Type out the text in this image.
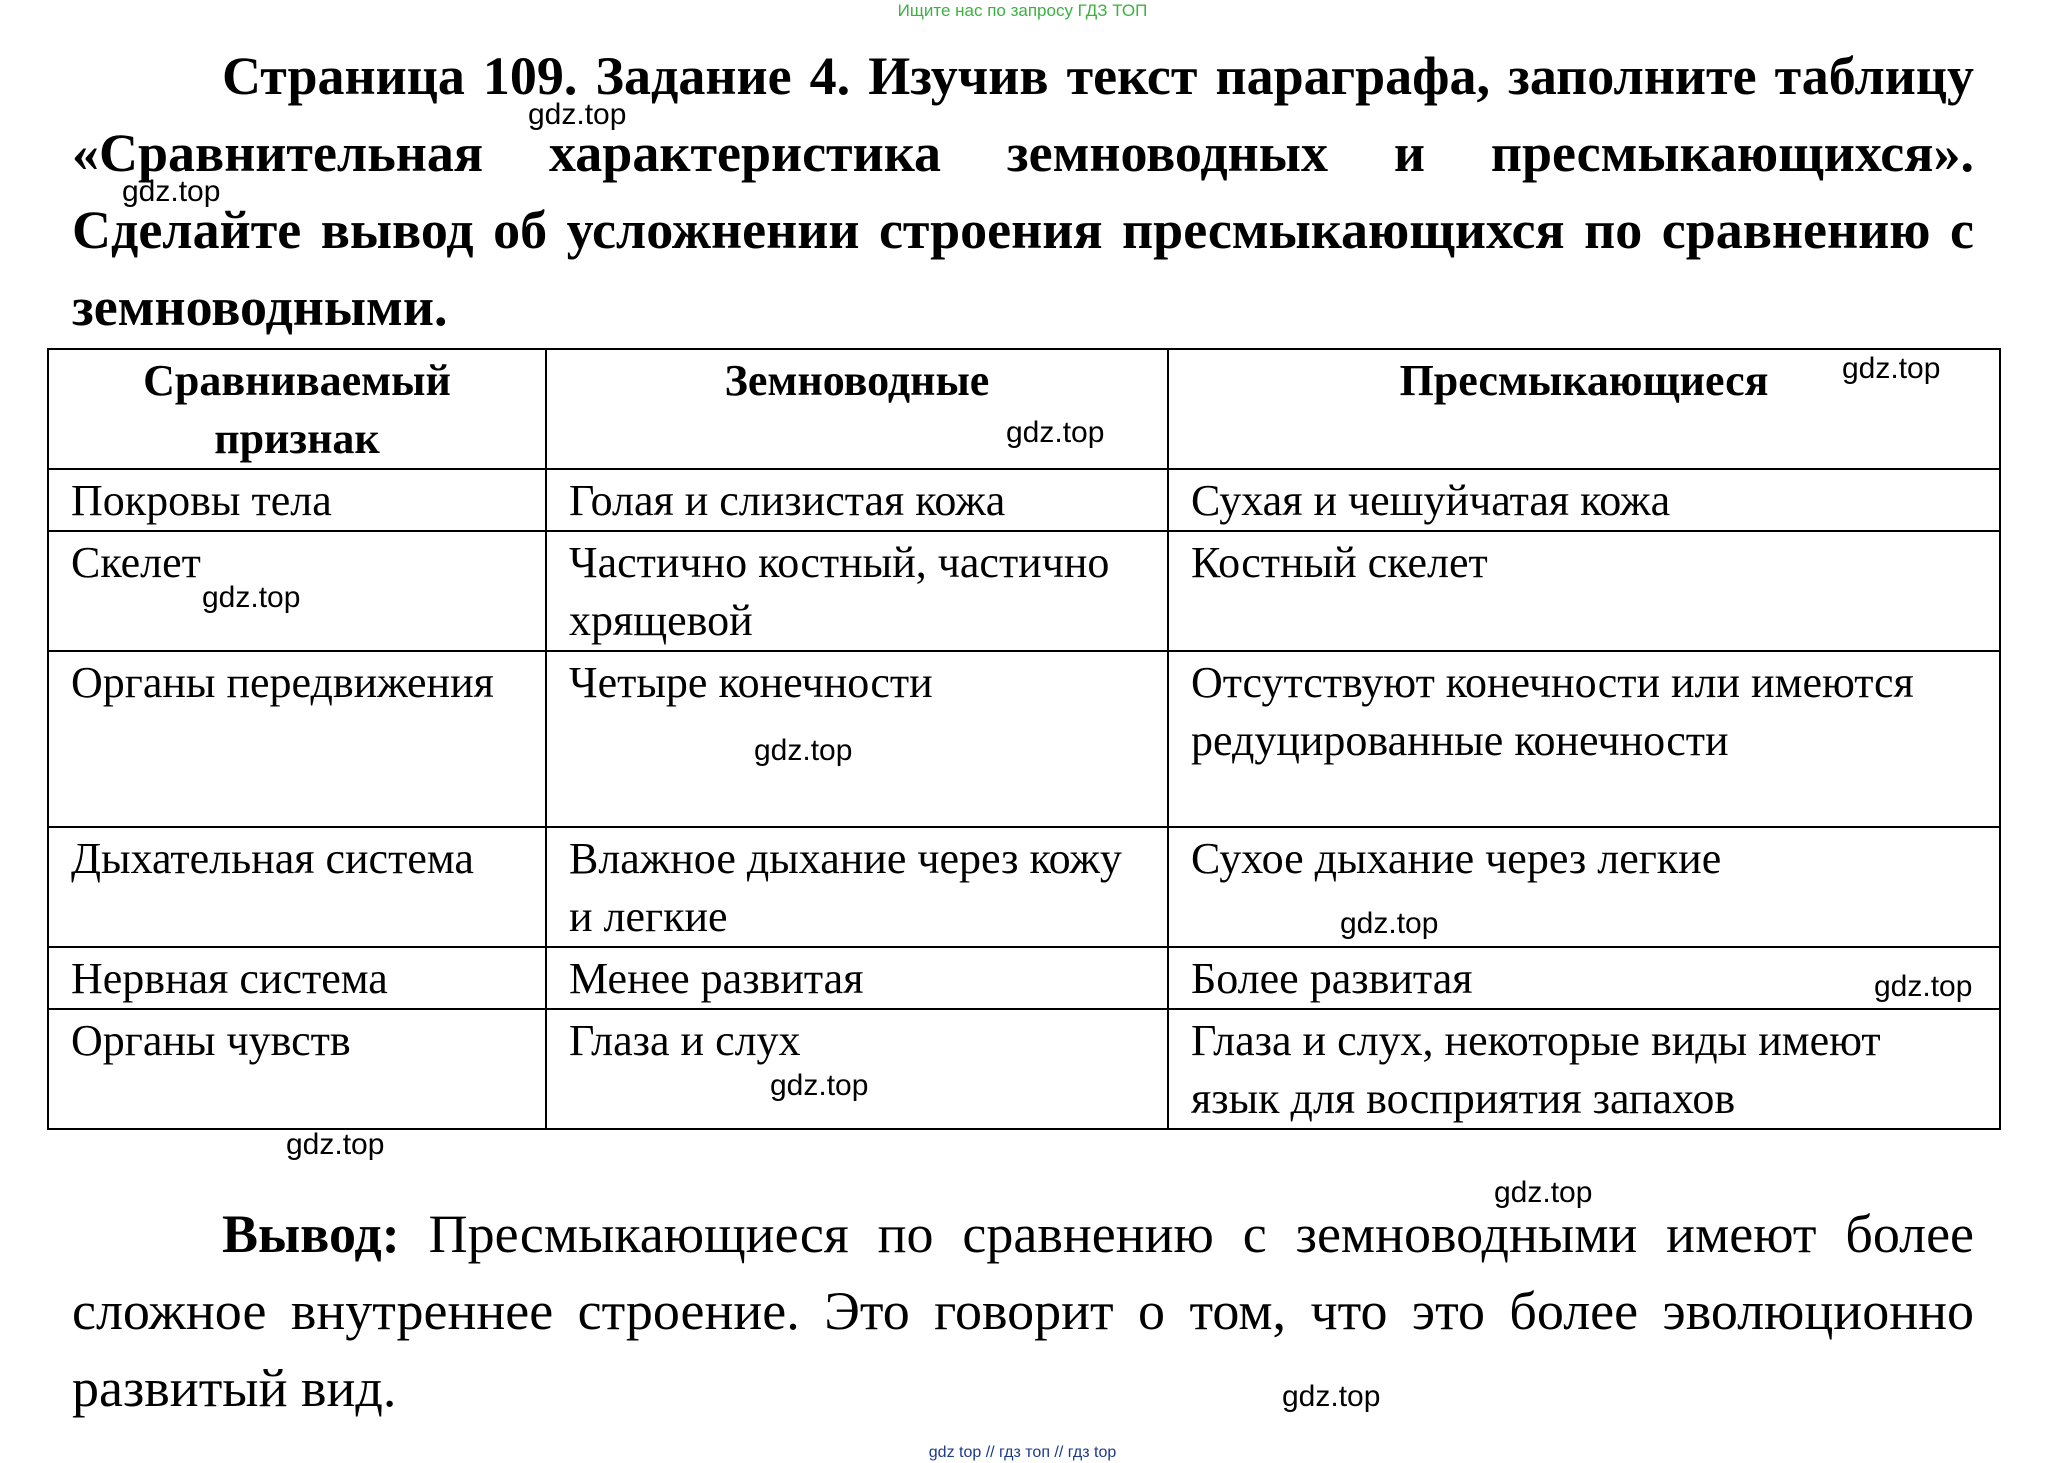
Ищите нас по запросу ГДЗ ТОП
Страница 109. Задание 4. Изучив текст параграфа, заполните таблицу «Сравнительная характеристика земноводных и пресмыкающихся». Сделайте вывод об усложнении строения пресмыкающихся по сравнению с земноводными.
Сравниваемый признак	Земноводные	Пресмыкающиеся
Покровы тела	Голая и слизистая кожа	Сухая и чешуйчатая кожа
Скелет	Частично костный, частично хрящевой	Костный скелет
Органы передвижения	Четыре конечности	Отсутствуют конечности или имеются редуцированные конечности
Дыхательная система	Влажное дыхание через кожу и легкие	Сухое дыхание через легкие
Нервная система	Менее развитая	Более развитая
Органы чувств	Глаза и слух	Глаза и слух, некоторые виды имеют язык для восприятия запахов
Вывод: Пресмыкающиеся по сравнению с земноводными имеют более сложное внутреннее строение. Это говорит о том, что это более эволюционно развитый вид.
gdz.top
gdz.top
gdz.top
gdz.top
gdz.top
gdz.top
gdz.top
gdz.top
gdz.top
gdz.top
gdz.top
gdz.top
gdz top // гдз топ // гдз top
